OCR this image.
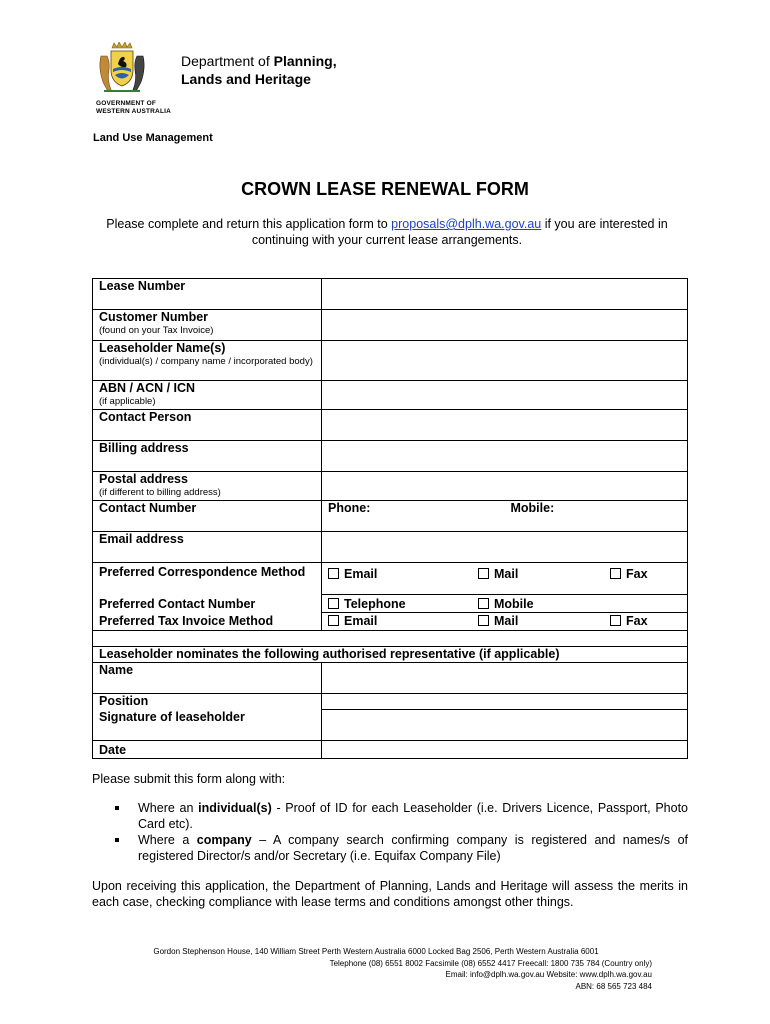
GOVERNMENT OF
WESTERN AUSTRALIA
Department of Planning,
Lands and Heritage
Land Use Management
CROWN LEASE RENEWAL FORM
Please complete and return this application form to proposals@dplh.wa.gov.au if you are interested in continuing with your current lease arrangements.
Lease Number		
Customer Number
(found on your Tax Invoice)		

Leaseholder Name(s)
(individual(s) / company name / incorporated body)		

ABN / ACN / ICN
(if applicable)		

Contact Person		
Billing address		
Postal address
(if different to billing address)		

Contact Number	Phone:	Mobile:
Email address		
Preferred Correspondence Method	Email Mail Fax	
Preferred Contact Number	Telephone Mobile	
Preferred Tax Invoice Method	Email Mail Fax	

Leaseholder nominates the following authorised representative (if applicable)		
Name		
Position		
Signature of leaseholder		
Date		
Please submit this form along with:
Where an individual(s) - Proof of ID for each Leaseholder (i.e. Drivers Licence, Passport, Photo Card etc).
Where a company – A company search confirming company is registered and names/s of registered Director/s and/or Secretary (i.e. Equifax Company File)
Upon receiving this application, the Department of Planning, Lands and Heritage will assess the merits in each case, checking compliance with lease terms and conditions amongst other things.
Gordon Stephenson House, 140 William Street Perth Western Australia 6000 Locked Bag 2506, Perth Western Australia 6001
Telephone (08) 6551 8002 Facsimile (08) 6552 4417 Freecall: 1800 735 784 (Country only)
Email: info@dplh.wa.gov.au Website: www.dplh.wa.gov.au
ABN: 68 565 723 484
